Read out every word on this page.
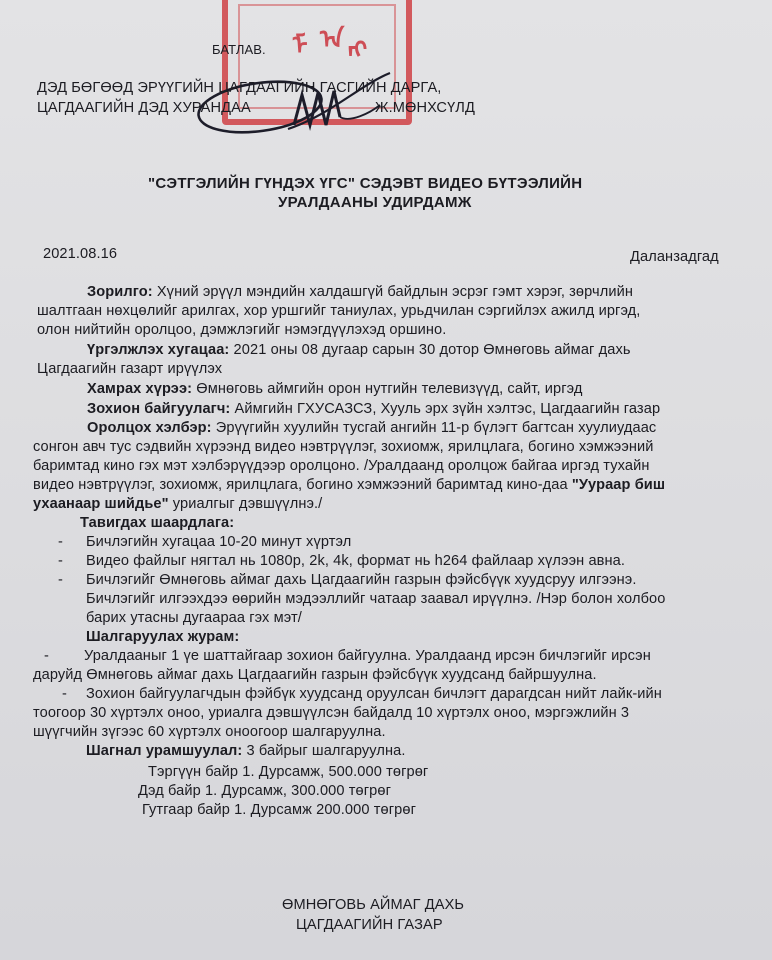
ᠮ ᠠ ᠩ
БАТЛАВ.
ДЭД БӨГӨӨД ЭРҮҮГИЙН ЦАГДААГИЙН ГАСГИЙН ДАРГА,
ЦАГДААГИЙН ДЭД ХУРАНДАА	Ж.МӨНХСҮЛД
"СЭТГЭЛИЙН ГҮНДЭХ ҮГС" СЭДЭВТ ВИДЕО БҮТЭЭЛИЙН
УРАЛДААНЫ УДИРДАМЖ
2021.08.16	Даланзадгад
Зорилго: Хүний эрүүл мэндийн халдашгүй байдлын эсрэг гэмт хэрэг, зөрчлийн
шалтгаан нөхцөлийг арилгах, хор уршгийг таниулах, урьдчилан сэргийлэх ажилд иргэд,
олон нийтийн оролцоо, дэмжлэгийг нэмэгдүүлэхэд оршино.
Үргэлжлэх хугацаа: 2021 оны 08 дугаар сарын 30 дотор Өмнөговь аймаг дахь
Цагдаагийн газарт ирүүлэх
Хамрах хүрээ: Өмнөговь аймгийн орон нутгийн телевизүүд, сайт, иргэд
Зохион байгуулагч: Аймгийн ГХУСАЗСЗ, Хууль эрх зүйн хэлтэс, Цагдаагийн газар
Оролцох хэлбэр: Эрүүгийн хуулийн тусгай ангийн 11-р бүлэгт багтсан хуулиудаас
сонгон авч тус сэдвийн хүрээнд видео нэвтрүүлэг, зохиомж, ярилцлага, богино хэмжээний
баримтад кино гэх мэт хэлбэрүүдээр оролцоно. /Уралдаанд оролцож байгаа иргэд тухайн
видео нэвтрүүлэг, зохиомж, ярилцлага, богино хэмжээний баримтад кино-даа "Уураар биш
ухаанаар шийдье" уриалгыг дэвшүүлнэ./
Тавигдах шаардлага:
- Бичлэгийн хугацаа 10-20 минут хүртэл
- Видео файлыг нягтал нь 1080p, 2k, 4k, формат нь h264 файлаар хүлээн авна.
- Бичлэгийг Өмнөговь аймаг дахь Цагдаагийн газрын фэйсбүүк хуудсруу илгээнэ.
Бичлэгийг илгээхдээ өөрийн мэдээллийг чатаар заавал ирүүлнэ. /Нэр болон холбоо
барих утасны дугаараа гэх мэт/
Шалгаруулах журам:
- Уралдааныг 1 үе шаттайгаар зохион байгуулна. Уралдаанд ирсэн бичлэгийг ирсэн
даруйд Өмнөговь аймаг дахь Цагдаагийн газрын фэйсбүүк хуудсанд байршуулна.
- Зохион байгуулагчдын фэйбүк хуудсанд оруулсан бичлэгт дарагдсан нийт лайк-ийн
тоогоор 30 хүртэлх оноо, уриалга дэвшүүлсэн байдалд 10 хүртэлх оноо, мэргэжлийн 3
шүүгчийн зүгээс 60 хүртэлх оноогоор шалгаруулна.
Шагнал урамшуулал: 3 байрыг шалгаруулна.
Тэргүүн байр 1. Дурсамж, 500.000 төгрөг
Дэд байр 1. Дурсамж, 300.000 төгрөг
Гутгаар байр 1. Дурсамж 200.000 төгрөг
ӨМНӨГОВЬ АЙМАГ ДАХЬ
ЦАГДААГИЙН ГАЗАР
